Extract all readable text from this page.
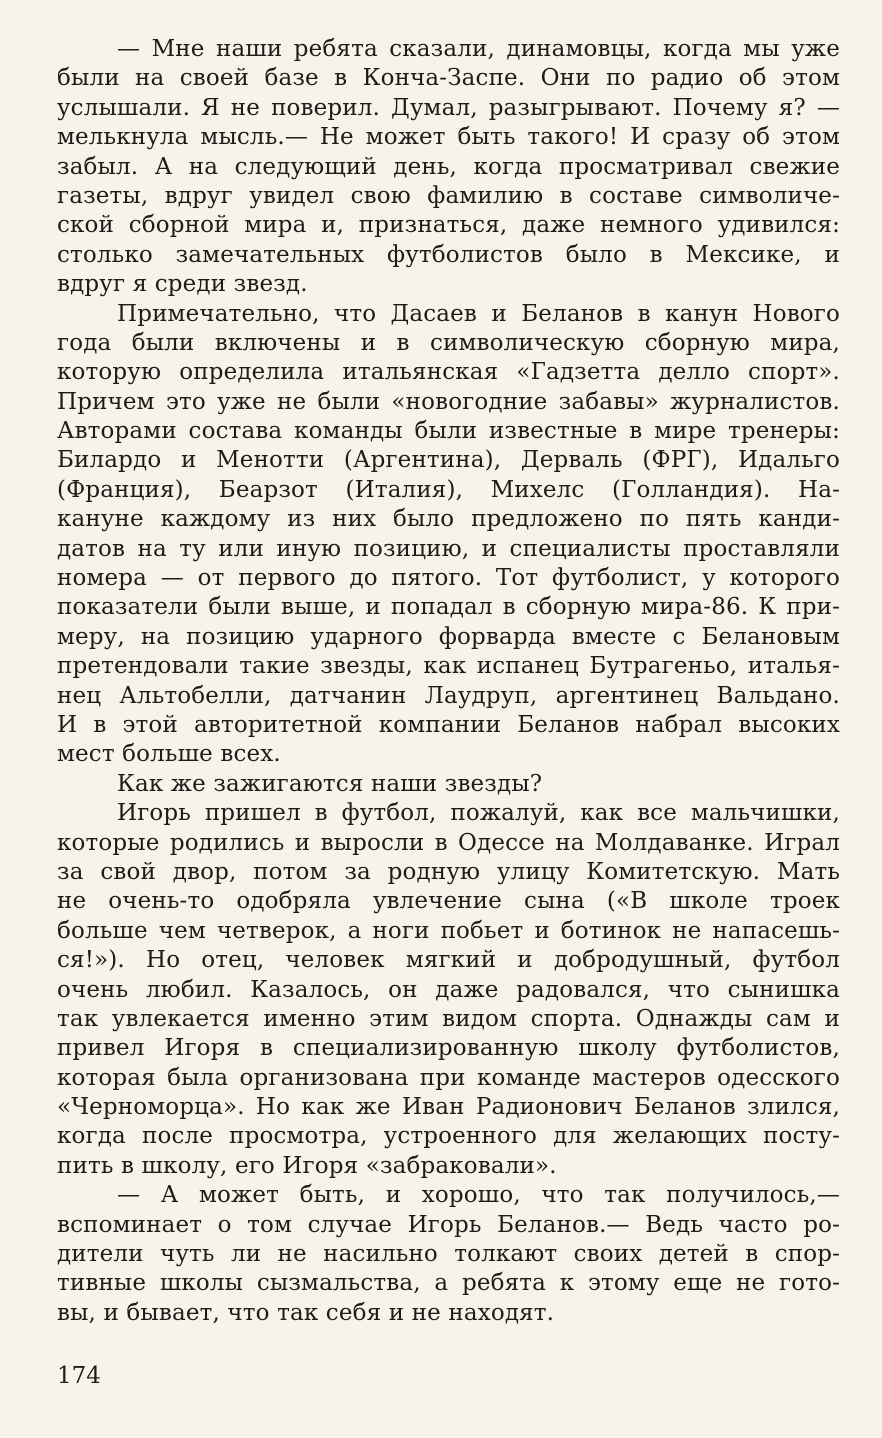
— Мне наши ребята сказали, динамовцы, когда мы уже
были на своей базе в Конча-Заспе. Они по радио об этом
услышали. Я не поверил. Думал, разыгрывают. Почему я? —
мелькнула мысль.— Не может быть такого! И сразу об этом
забыл. А на следующий день, когда просматривал свежие
газеты, вдруг увидел свою фамилию в составе символиче-
ской сборной мира и, признаться, даже немного удивился:
столько замечательных футболистов было в Мексике, и
вдруг я среди звезд.
Примечательно, что Дасаев и Беланов в канун Нового
года были включены и в символическую сборную мира,
которую определила итальянская «Гадзетта делло спорт».
Причем это уже не были «новогодние забавы» журналистов.
Авторами состава команды были известные в мире тренеры:
Билардо и Менотти (Аргентина), Дерваль (ФРГ), Идальго
(Франция), Беарзот (Италия), Михелс (Голландия). На-
кануне каждому из них было предложено по пять канди-
датов на ту или иную позицию, и специалисты проставляли
номера — от первого до пятого. Тот футболист, у которого
показатели были выше, и попадал в сборную мира-86. К при-
меру, на позицию ударного форварда вместе с Белановым
претендовали такие звезды, как испанец Бутрагеньо, италья-
нец Альтобелли, датчанин Лаудруп, аргентинец Вальдано.
И в этой авторитетной компании Беланов набрал высоких
мест больше всех.
Как же зажигаются наши звезды?
Игорь пришел в футбол, пожалуй, как все мальчишки,
которые родились и выросли в Одессе на Молдаванке. Играл
за свой двор, потом за родную улицу Комитетскую. Мать
не очень-то одобряла увлечение сына («В школе троек
больше чем четверок, а ноги побьет и ботинок не напасешь-
ся!»). Но отец, человек мягкий и добродушный, футбол
очень любил. Казалось, он даже радовался, что сынишка
так увлекается именно этим видом спорта. Однажды сам и
привел Игоря в специализированную школу футболистов,
которая была организована при команде мастеров одесского
«Черноморца». Но как же Иван Радионович Беланов злился,
когда после просмотра, устроенного для желающих посту-
пить в школу, его Игоря «забраковали».
— А может быть, и хорошо, что так получилось,—
вспоминает о том случае Игорь Беланов.— Ведь часто ро-
дители чуть ли не насильно толкают своих детей в спор-
тивные школы сызмальства, а ребята к этому еще не гото-
вы, и бывает, что так себя и не находят.
174
